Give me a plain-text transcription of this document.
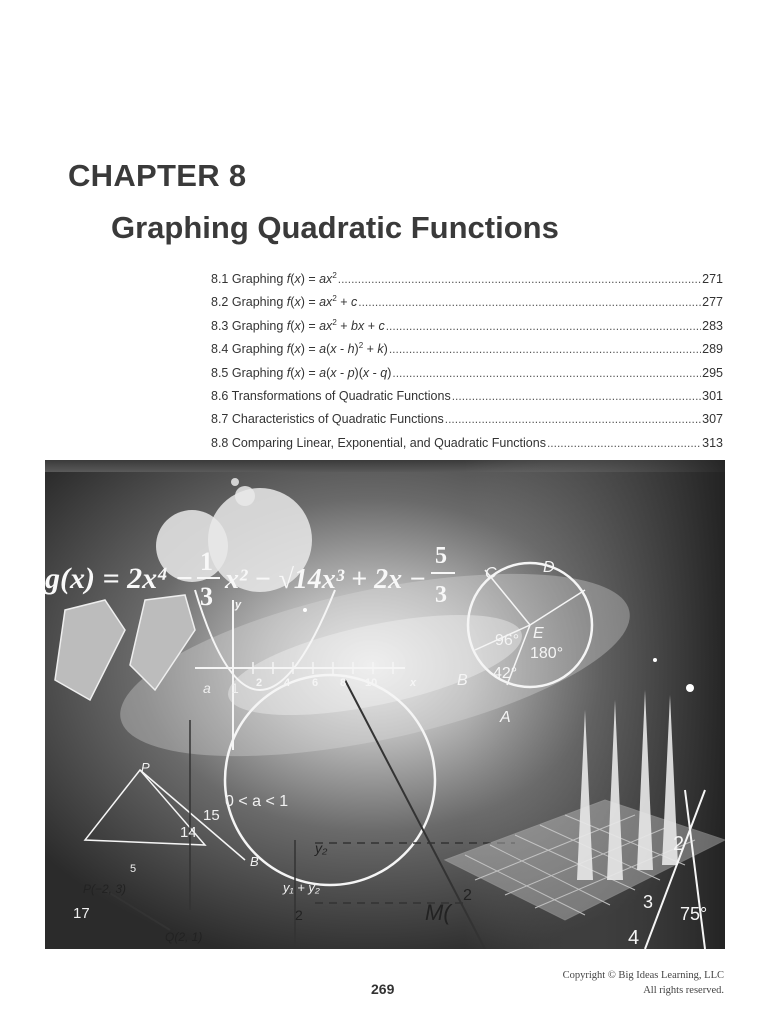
CHAPTER 8
Graphing Quadratic Functions
8.1 Graphing $f(x) = ax^2$ .....	271
8.2 Graphing $f(x) = ax^2 + c$ .....	277
8.3 Graphing $f(x) = ax^2$ + bx + c .....	283
8.4 Graphing f(x) = a(x - h)$^2$ + k) .....	289
8.5 Graphing f(x) = a(x - p)(x - q) .....	295
8.6 Transformations of Quadratic Functions .....	301
8.7 Characteristics of Quadratic Functions .....	307
8.8 Comparing Linear, Exponential, and Quadratic Functions .....	313
g(x) = 2x⁴ −
1
3
x² − √14x³ + 2x −
5
3
96°
180°
42°
E
B
A
C	D
2 4 6 8 10	x
y
a 1
0 < a < 1
15
14
17
5
P
B
P(−2, 3)
Q(2, 1)
y₂
y₁ + y₂
2	M(
2
75°
4
2
3
Copyright © Big Ideas Learning, LLC
All rights reserved.
269
